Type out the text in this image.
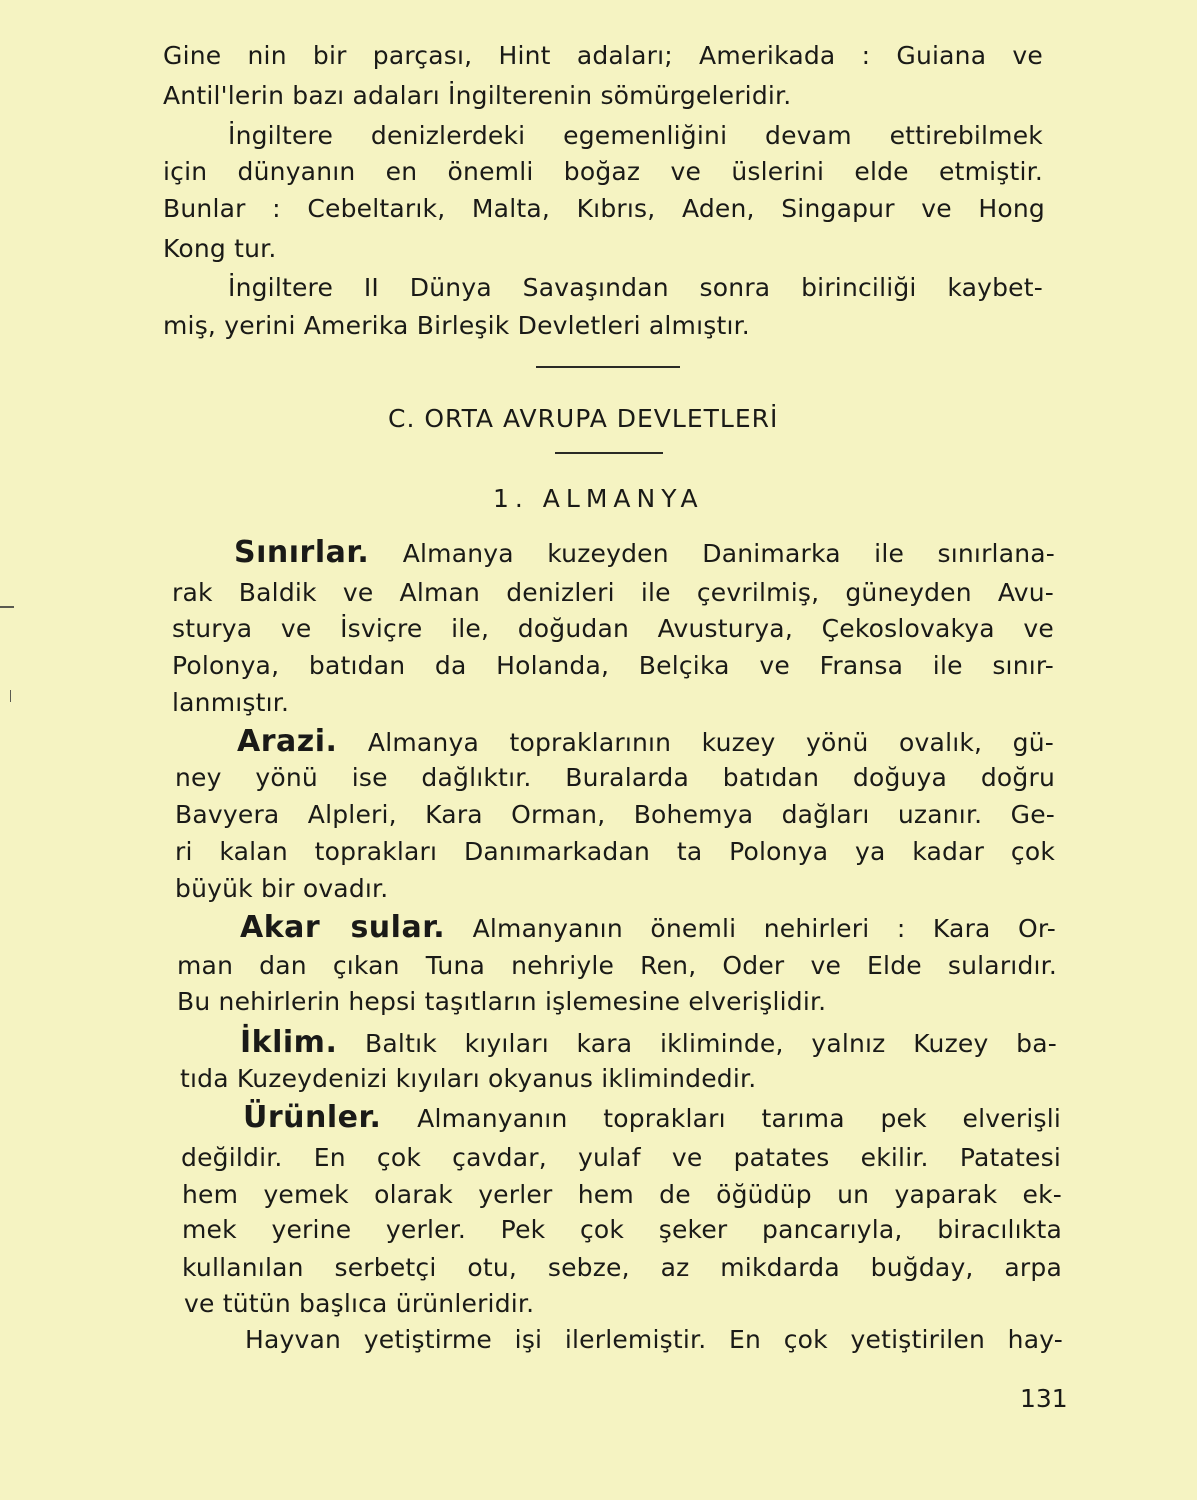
Gine nin bir parçası, Hint adaları; Amerikada : Guiana ve
Antil'lerin bazı adaları İngilterenin sömürgeleridir.
İngiltere denizlerdeki egemenliğini devam ettirebilmek
için dünyanın en önemli boğaz ve üslerini elde etmiştir.
Bunlar : Cebeltarık, Malta, Kıbrıs, Aden, Singapur ve Hong
Kong tur.
İngiltere II Dünya Savaşından sonra birinciliği kaybet-
miş, yerini Amerika Birleşik Devletleri almıştır.
C. ORTA AVRUPA DEVLETLERİ
1. ALMANYA
Sınırlar. Almanya kuzeyden Danimarka ile sınırlana-
rak Baldik ve Alman denizleri ile çevrilmiş, güneyden Avu-
sturya ve İsviçre ile, doğudan Avusturya, Çekoslovakya ve
Polonya, batıdan da Holanda, Belçika ve Fransa ile sınır-
lanmıştır.
Arazi. Almanya topraklarının kuzey yönü ovalık, gü-
ney yönü ise dağlıktır. Buralarda batıdan doğuya doğru
Bavyera Alpleri, Kara Orman, Bohemya dağları uzanır. Ge-
ri kalan toprakları Danımarkadan ta Polonya ya kadar çok
büyük bir ovadır.
Akar sular. Almanyanın önemli nehirleri : Kara Or-
man dan çıkan Tuna nehriyle Ren, Oder ve Elde sularıdır.
Bu nehirlerin hepsi taşıtların işlemesine elverişlidir.
İklim. Baltık kıyıları kara ikliminde, yalnız Kuzey ba-
tıda Kuzeydenizi kıyıları okyanus iklimindedir.
Ürünler. Almanyanın toprakları tarıma pek elverişli
değildir. En çok çavdar, yulaf ve patates ekilir. Patatesi
hem yemek olarak yerler hem de öğüdüp un yaparak ek-
mek yerine yerler. Pek çok şeker pancarıyla, biracılıkta
kullanılan serbetçi otu, sebze, az mikdarda buğday, arpa
ve tütün başlıca ürünleridir.
Hayvan yetiştirme işi ilerlemiştir. En çok yetiştirilen hay-
131
